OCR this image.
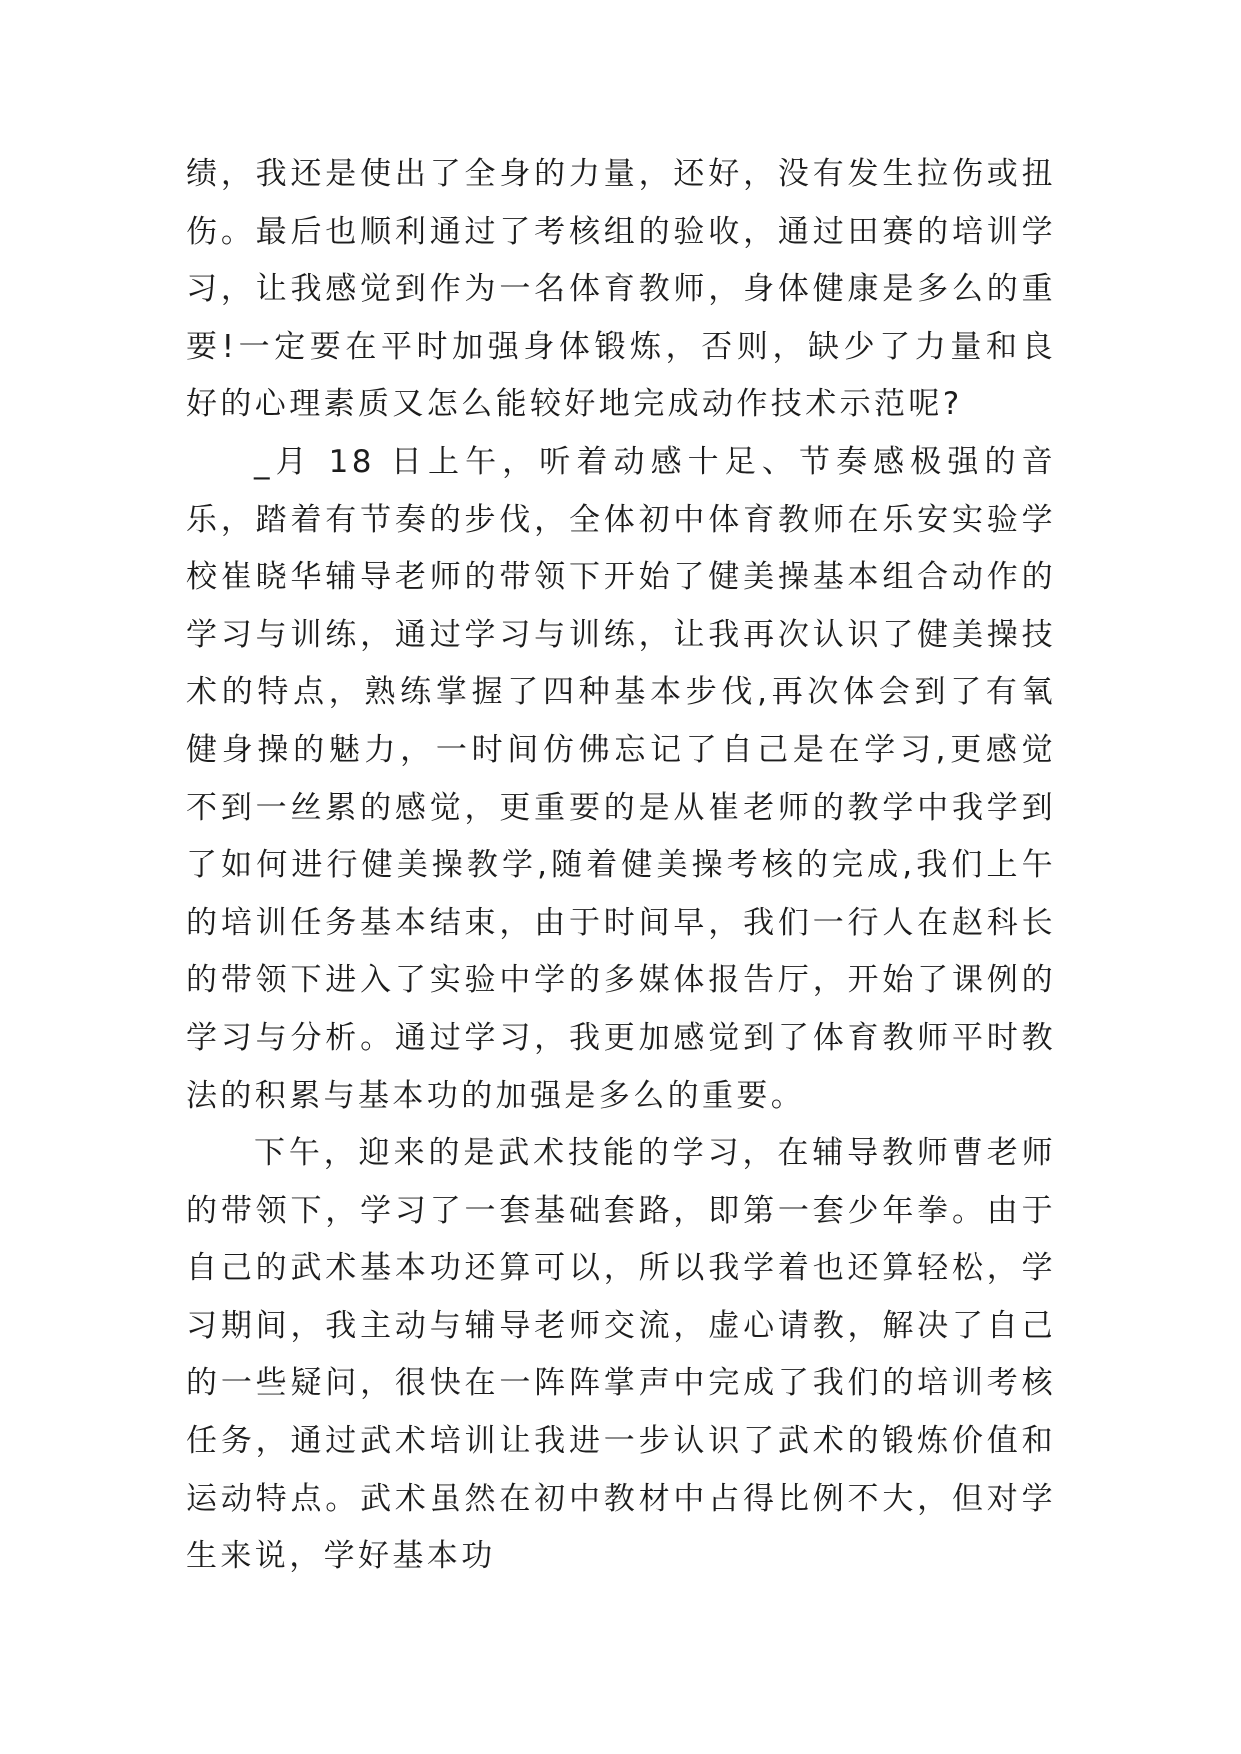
绩，我还是使出了全身的力量，还好，没有发生拉伤或扭伤。最后也顺利通过了考核组的验收，通过田赛的培训学习，让我感觉到作为一名体育教师，身体健康是多么的重要!一定要在平时加强身体锻炼，否则，缺少了力量和良好的心理素质又怎么能较好地完成动作技术示范呢?

_月 18 日上午，听着动感十足、节奏感极强的音乐，踏着有节奏的步伐，全体初中体育教师在乐安实验学校崔晓华辅导老师的带领下开始了健美操基本组合动作的学习与训练，通过学习与训练，让我再次认识了健美操技术的特点，熟练掌握了四种基本步伐,再次体会到了有氧健身操的魅力，一时间仿佛忘记了自己是在学习,更感觉不到一丝累的感觉，更重要的是从崔老师的教学中我学到了如何进行健美操教学,随着健美操考核的完成,我们上午的培训任务基本结束，由于时间早，我们一行人在赵科长的带领下进入了实验中学的多媒体报告厅，开始了课例的学习与分析。通过学习，我更加感觉到了体育教师平时教法的积累与基本功的加强是多么的重要。

下午，迎来的是武术技能的学习，在辅导教师曹老师的带领下，学习了一套基础套路，即第一套少年拳。由于自己的武术基本功还算可以，所以我学着也还算轻松，学习期间，我主动与辅导老师交流，虚心请教，解决了自己的一些疑问，很快在一阵阵掌声中完成了我们的培训考核任务，通过武术培训让我进一步认识了武术的锻炼价值和运动特点。武术虽然在初中教材中占得比例不大，但对学生来说，学好基本功
